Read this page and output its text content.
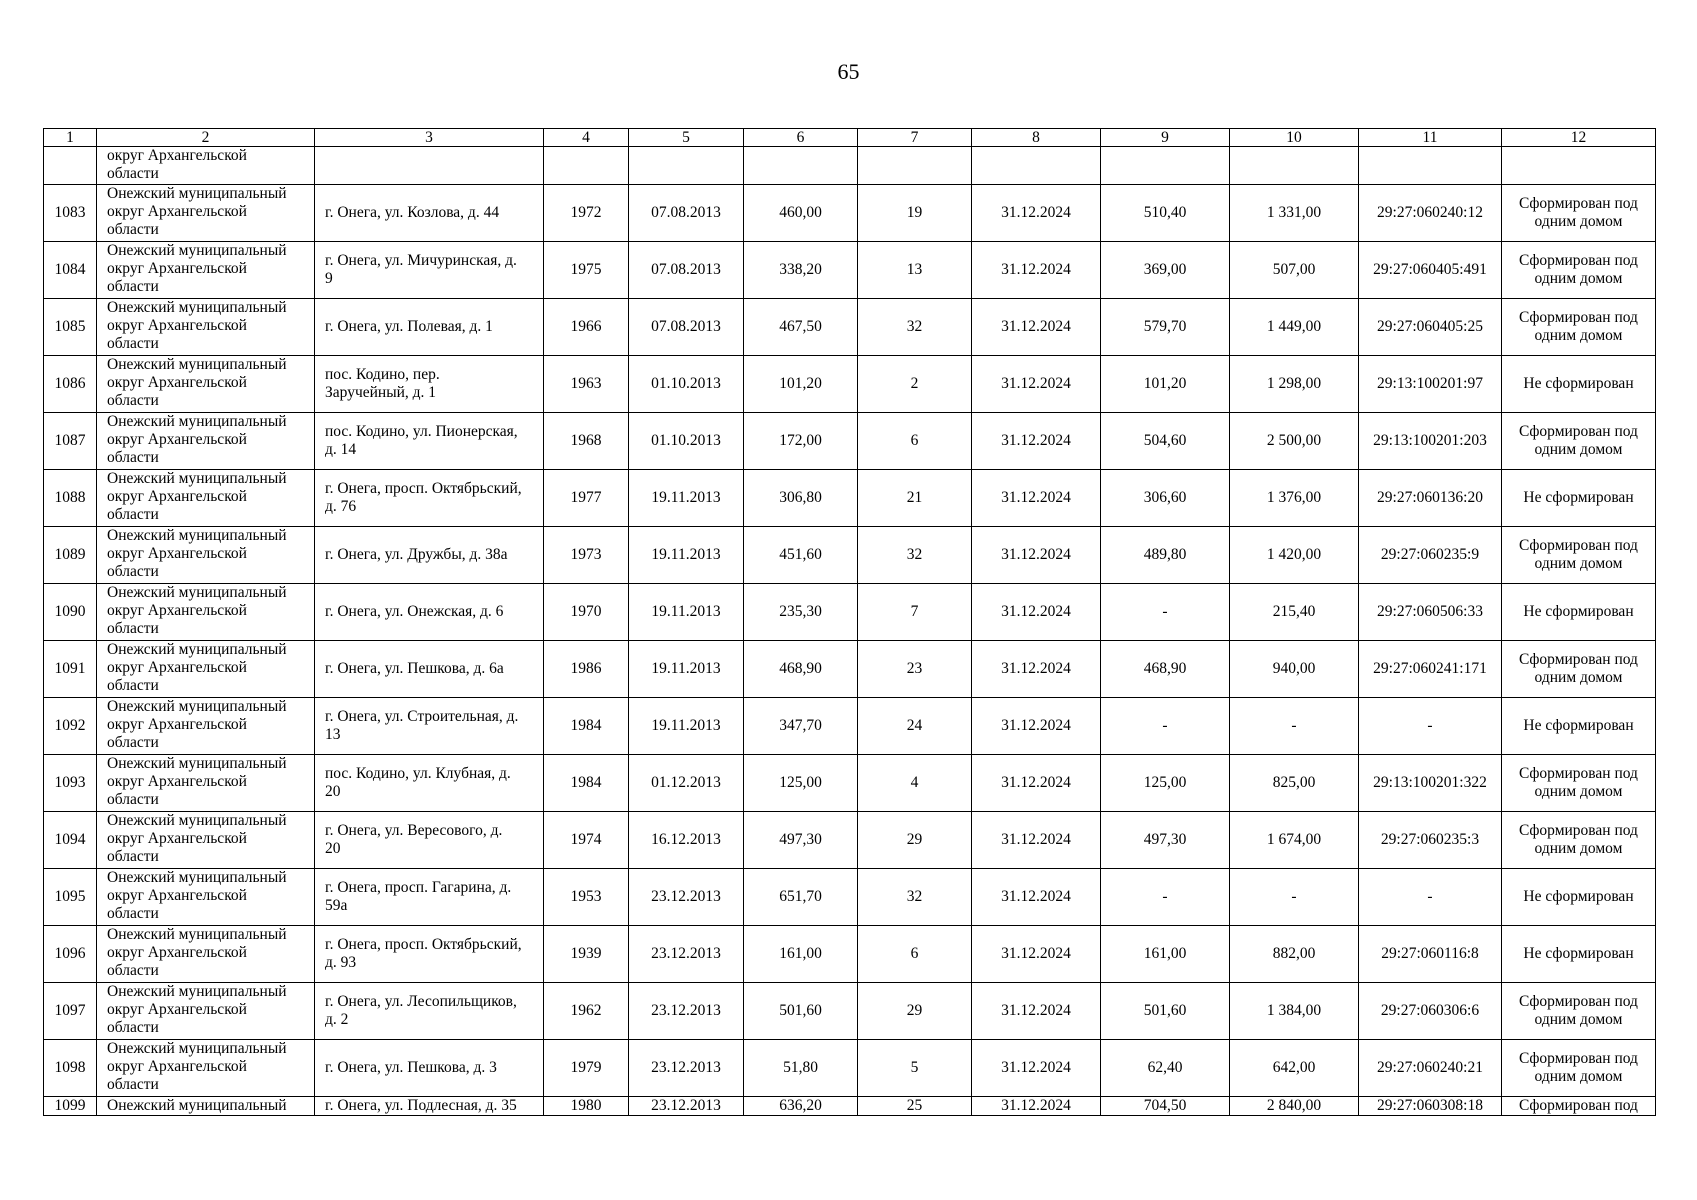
65
1	2	3	4	5	6	7	8	9	10	11	12
	округ Архангельской
области										
1083	Онежский муниципальный
округ Архангельской
области	г. Онега, ул. Козлова, д. 44	1972	07.08.2013	460,00	19	31.12.2024	510,40	1 331,00	29:27:060240:12	Сформирован под
одним домом
1084	Онежский муниципальный
округ Архангельской
области	г. Онега, ул. Мичуринская, д.
9	1975	07.08.2013	338,20	13	31.12.2024	369,00	507,00	29:27:060405:491	Сформирован под
одним домом
1085	Онежский муниципальный
округ Архангельской
области	г. Онега, ул. Полевая, д. 1	1966	07.08.2013	467,50	32	31.12.2024	579,70	1 449,00	29:27:060405:25	Сформирован под
одним домом
1086	Онежский муниципальный
округ Архангельской
области	пос. Кодино, пер.
Заручейный, д. 1	1963	01.10.2013	101,20	2	31.12.2024	101,20	1 298,00	29:13:100201:97	Не сформирован
1087	Онежский муниципальный
округ Архангельской
области	пос. Кодино, ул. Пионерская,
д. 14	1968	01.10.2013	172,00	6	31.12.2024	504,60	2 500,00	29:13:100201:203	Сформирован под
одним домом
1088	Онежский муниципальный
округ Архангельской
области	г. Онега, просп. Октябрьский,
д. 76	1977	19.11.2013	306,80	21	31.12.2024	306,60	1 376,00	29:27:060136:20	Не сформирован
1089	Онежский муниципальный
округ Архангельской
области	г. Онега, ул. Дружбы, д. 38а	1973	19.11.2013	451,60	32	31.12.2024	489,80	1 420,00	29:27:060235:9	Сформирован под
одним домом
1090	Онежский муниципальный
округ Архангельской
области	г. Онега, ул. Онежская, д. 6	1970	19.11.2013	235,30	7	31.12.2024	-	215,40	29:27:060506:33	Не сформирован
1091	Онежский муниципальный
округ Архангельской
области	г. Онега, ул. Пешкова, д. 6а	1986	19.11.2013	468,90	23	31.12.2024	468,90	940,00	29:27:060241:171	Сформирован под
одним домом
1092	Онежский муниципальный
округ Архангельской
области	г. Онега, ул. Строительная, д.
13	1984	19.11.2013	347,70	24	31.12.2024	-	-	-	Не сформирован
1093	Онежский муниципальный
округ Архангельской
области	пос. Кодино, ул. Клубная, д.
20	1984	01.12.2013	125,00	4	31.12.2024	125,00	825,00	29:13:100201:322	Сформирован под
одним домом
1094	Онежский муниципальный
округ Архангельской
области	г. Онега, ул. Вересового, д.
20	1974	16.12.2013	497,30	29	31.12.2024	497,30	1 674,00	29:27:060235:3	Сформирован под
одним домом
1095	Онежский муниципальный
округ Архангельской
области	г. Онега, просп. Гагарина, д.
59а	1953	23.12.2013	651,70	32	31.12.2024	-	-	-	Не сформирован
1096	Онежский муниципальный
округ Архангельской
области	г. Онега, просп. Октябрьский,
д. 93	1939	23.12.2013	161,00	6	31.12.2024	161,00	882,00	29:27:060116:8	Не сформирован
1097	Онежский муниципальный
округ Архангельской
области	г. Онега, ул. Лесопильщиков,
д. 2	1962	23.12.2013	501,60	29	31.12.2024	501,60	1 384,00	29:27:060306:6	Сформирован под
одним домом
1098	Онежский муниципальный
округ Архангельской
области	г. Онега, ул. Пешкова, д. 3	1979	23.12.2013	51,80	5	31.12.2024	62,40	642,00	29:27:060240:21	Сформирован под
одним домом
1099	Онежский муниципальный	г. Онега, ул. Подлесная, д. 35	1980	23.12.2013	636,20	25	31.12.2024	704,50	2 840,00	29:27:060308:18	Сформирован под
